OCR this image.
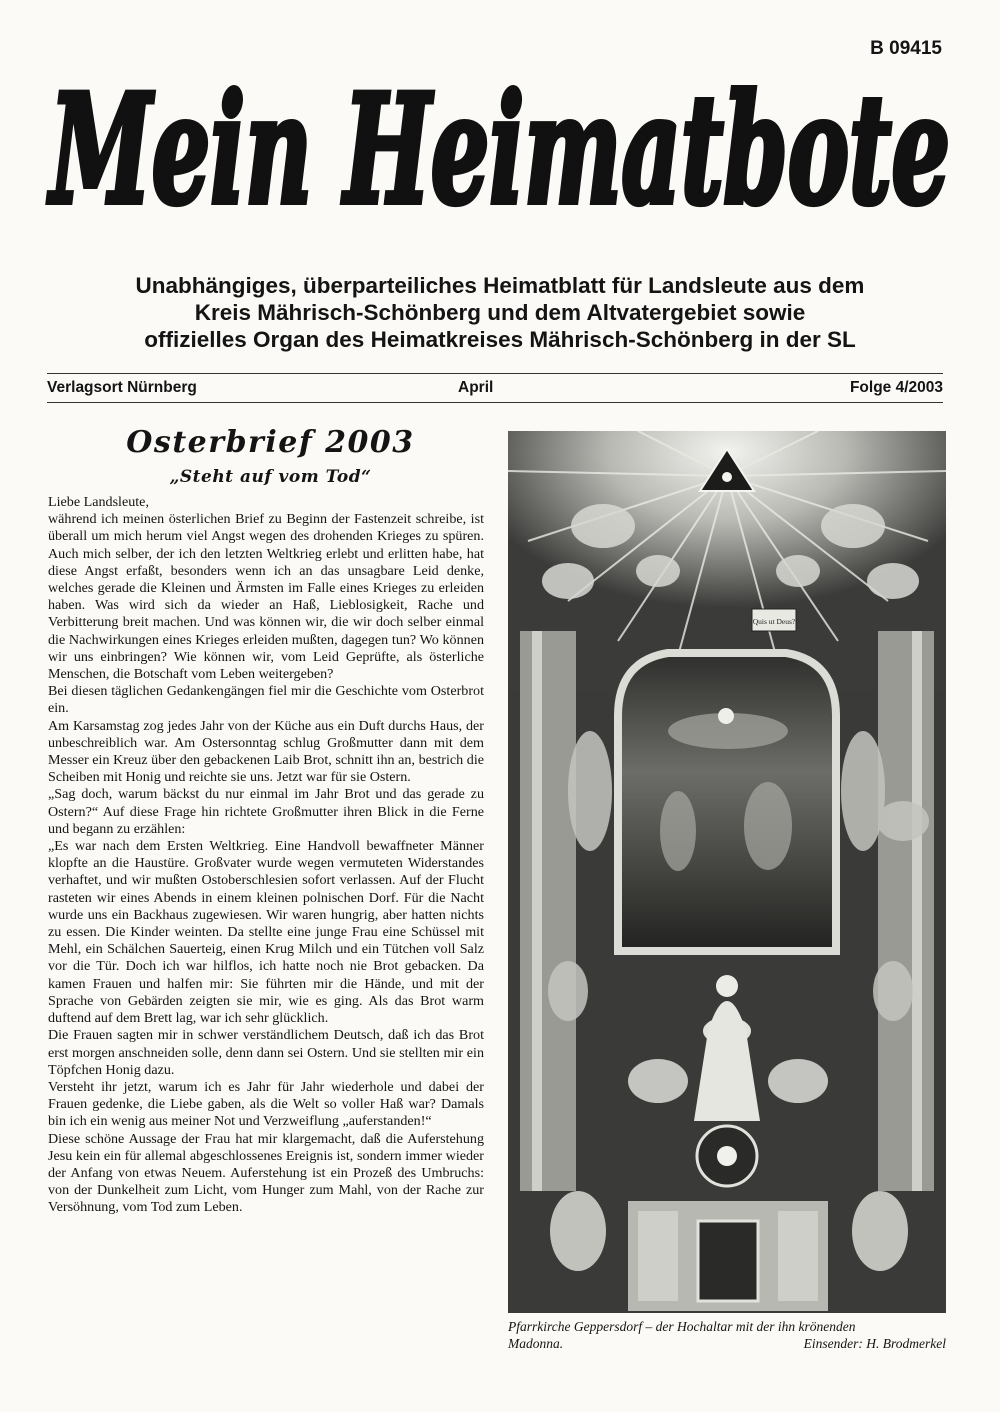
B 09415
Mein Heimatbote
Unabhängiges, überparteiliches Heimatblatt für Landsleute aus dem
Kreis Mährisch-Schönberg und dem Altvatergebiet sowie
offizielles Organ des Heimatkreises Mährisch-Schönberg in der SL
Verlagsort Nürnberg	April	Folge 4/2003
Osterbrief 2003
„Steht auf vom Tod“

Liebe Landsleute,

während ich meinen österlichen Brief zu Beginn der Fastenzeit schreibe, ist überall um mich herum viel Angst wegen des drohenden Krieges zu spüren. Auch mich selber, der ich den letzten Weltkrieg erlebt und erlitten habe, hat diese Angst erfaßt, besonders wenn ich an das unsagbare Leid denke, welches gerade die Kleinen und Ärmsten im Falle eines Krieges zu erleiden haben. Was wird sich da wieder an Haß, Lieblosigkeit, Rache und Verbitterung breit machen. Und was können wir, die wir doch selber einmal die Nachwirkungen eines Krieges erleiden mußten, dagegen tun? Wo können wir uns einbringen? Wie können wir, vom Leid Geprüfte, als österliche Menschen, die Botschaft vom Leben weitergeben?

Bei diesen täglichen Gedankengängen fiel mir die Geschichte vom Osterbrot ein.

Am Karsamstag zog jedes Jahr von der Küche aus ein Duft durchs Haus, der unbeschreiblich war. Am Ostersonntag schlug Großmutter dann mit dem Messer ein Kreuz über den gebackenen Laib Brot, schnitt ihn an, bestrich die Scheiben mit Honig und reichte sie uns. Jetzt war für sie Ostern.

„Sag doch, warum bäckst du nur einmal im Jahr Brot und das gerade zu Ostern?“ Auf diese Frage hin richtete Großmutter ihren Blick in die Ferne und begann zu erzählen:

„Es war nach dem Ersten Weltkrieg. Eine Handvoll bewaffneter Männer klopfte an die Haustüre. Großvater wurde wegen vermuteten Widerstandes verhaftet, und wir mußten Ostoberschlesien sofort verlassen. Auf der Flucht rasteten wir eines Abends in einem kleinen polnischen Dorf. Für die Nacht wurde uns ein Backhaus zugewiesen. Wir waren hungrig, aber hatten nichts zu essen. Die Kinder weinten. Da stellte eine junge Frau eine Schüssel mit Mehl, ein Schälchen Sauerteig, einen Krug Milch und ein Tütchen voll Salz vor die Tür. Doch ich war hilflos, ich hatte noch nie Brot gebacken. Da kamen Frauen und halfen mir: Sie führten mir die Hände, und mit der Sprache von Gebärden zeigten sie mir, wie es ging. Als das Brot warm duftend auf dem Brett lag, war ich sehr glücklich.

Die Frauen sagten mir in schwer verständlichem Deutsch, daß ich das Brot erst morgen anschneiden solle, denn dann sei Ostern. Und sie stellten mir ein Töpfchen Honig dazu.

Versteht ihr jetzt, warum ich es Jahr für Jahr wiederhole und dabei der Frauen gedenke, die Liebe gaben, als die Welt so voller Haß war? Damals bin ich ein wenig aus meiner Not und Verzweiflung „auferstanden!“

Diese schöne Aussage der Frau hat mir klargemacht, daß die Auferstehung Jesu kein ein für allemal abgeschlossenes Ereignis ist, sondern immer wieder der Anfang von etwas Neuem. Auferstehung ist ein Prozeß des Umbruchs: von der Dunkelheit zum Licht, vom Hunger zum Mahl, von der Rache zur Versöhnung, vom Tod zum Leben.

Quis ut Deus?
Pfarrkirche Geppersdorf – der Hochaltar mit der ihn krönenden
Madonna.	Einsender: H. Brodmerkel
